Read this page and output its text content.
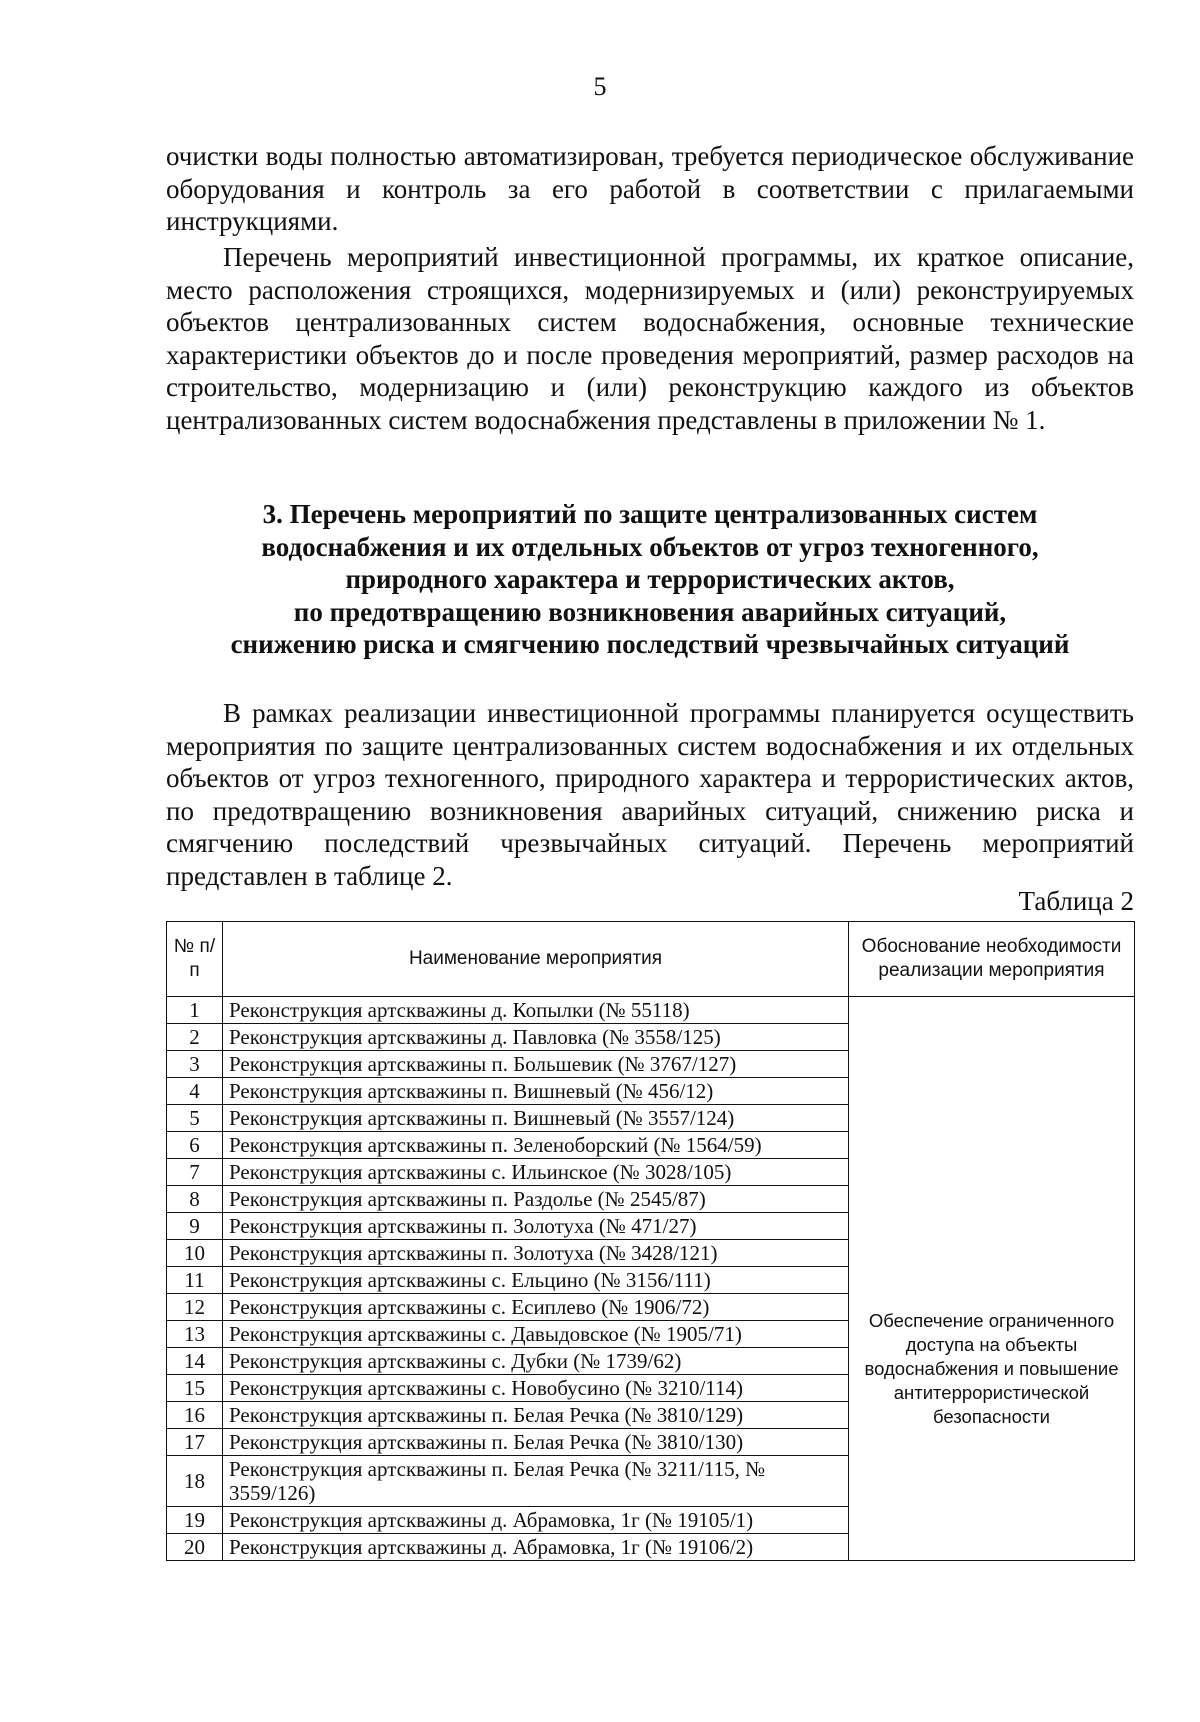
5

очистки воды полностью автоматизирован, требуется периодическое обслуживание оборудования и контроль за его работой в соответствии с прилагаемыми инструкциями.

Перечень мероприятий инвестиционной программы, их краткое описание, место расположения строящихся, модернизируемых и (или) реконструируемых объектов централизованных систем водоснабжения, основные технические характеристики объектов до и после проведения мероприятий, размер расходов на строительство, модернизацию и (или) реконструкцию каждого из объектов централизованных систем водоснабжения представлены в приложении № 1.

3. Перечень мероприятий по защите централизованных систем
водоснабжения и их отдельных объектов от угроз техногенного,
природного характера и террористических актов,
по предотвращению возникновения аварийных ситуаций,
снижению риска и смягчению последствий чрезвычайных ситуаций

В рамках реализации инвестиционной программы планируется осуществить мероприятия по защите централизованных систем водоснабжения и их отдельных объектов от угроз техногенного, природного характера и террористических актов, по предотвращению возникновения аварийных ситуаций, снижению риска и смягчению последствий чрезвычайных ситуаций. Перечень мероприятий представлен в таблице 2.

Таблица 2
№ п/п	Наименование мероприятия	Обоснование необходимости реализации мероприятия
1	Реконструкция артскважины д. Копылки (№ 55118)	Обеспечение ограниченного доступа на объекты водоснабжения и повышение антитеррористической безопасности
2	Реконструкция артскважины д. Павловка (№ 3558/125)	
3	Реконструкция артскважины п. Большевик (№ 3767/127)	
4	Реконструкция артскважины п. Вишневый (№ 456/12)	
5	Реконструкция артскважины п. Вишневый (№ 3557/124)	
6	Реконструкция артскважины п. Зеленоборский (№ 1564/59)	
7	Реконструкция артскважины с. Ильинское (№ 3028/105)	
8	Реконструкция артскважины п. Раздолье (№ 2545/87)	
9	Реконструкция артскважины п. Золотуха (№ 471/27)	
10	Реконструкция артскважины п. Золотуха (№ 3428/121)	
11	Реконструкция артскважины с. Ельцино (№ 3156/111)	
12	Реконструкция артскважины с. Есиплево (№ 1906/72)	
13	Реконструкция артскважины с. Давыдовское (№ 1905/71)	
14	Реконструкция артскважины с. Дубки (№ 1739/62)	
15	Реконструкция артскважины с. Новобусино (№ 3210/114)	
16	Реконструкция артскважины п. Белая Речка (№ 3810/129)	
17	Реконструкция артскважины п. Белая Речка (№ 3810/130)	
18	Реконструкция артскважины п. Белая Речка (№ 3211/115, № 3559/126)	
19	Реконструкция артскважины д. Абрамовка, 1г (№ 19105/1)	
20	Реконструкция артскважины д. Абрамовка, 1г (№ 19106/2)	
